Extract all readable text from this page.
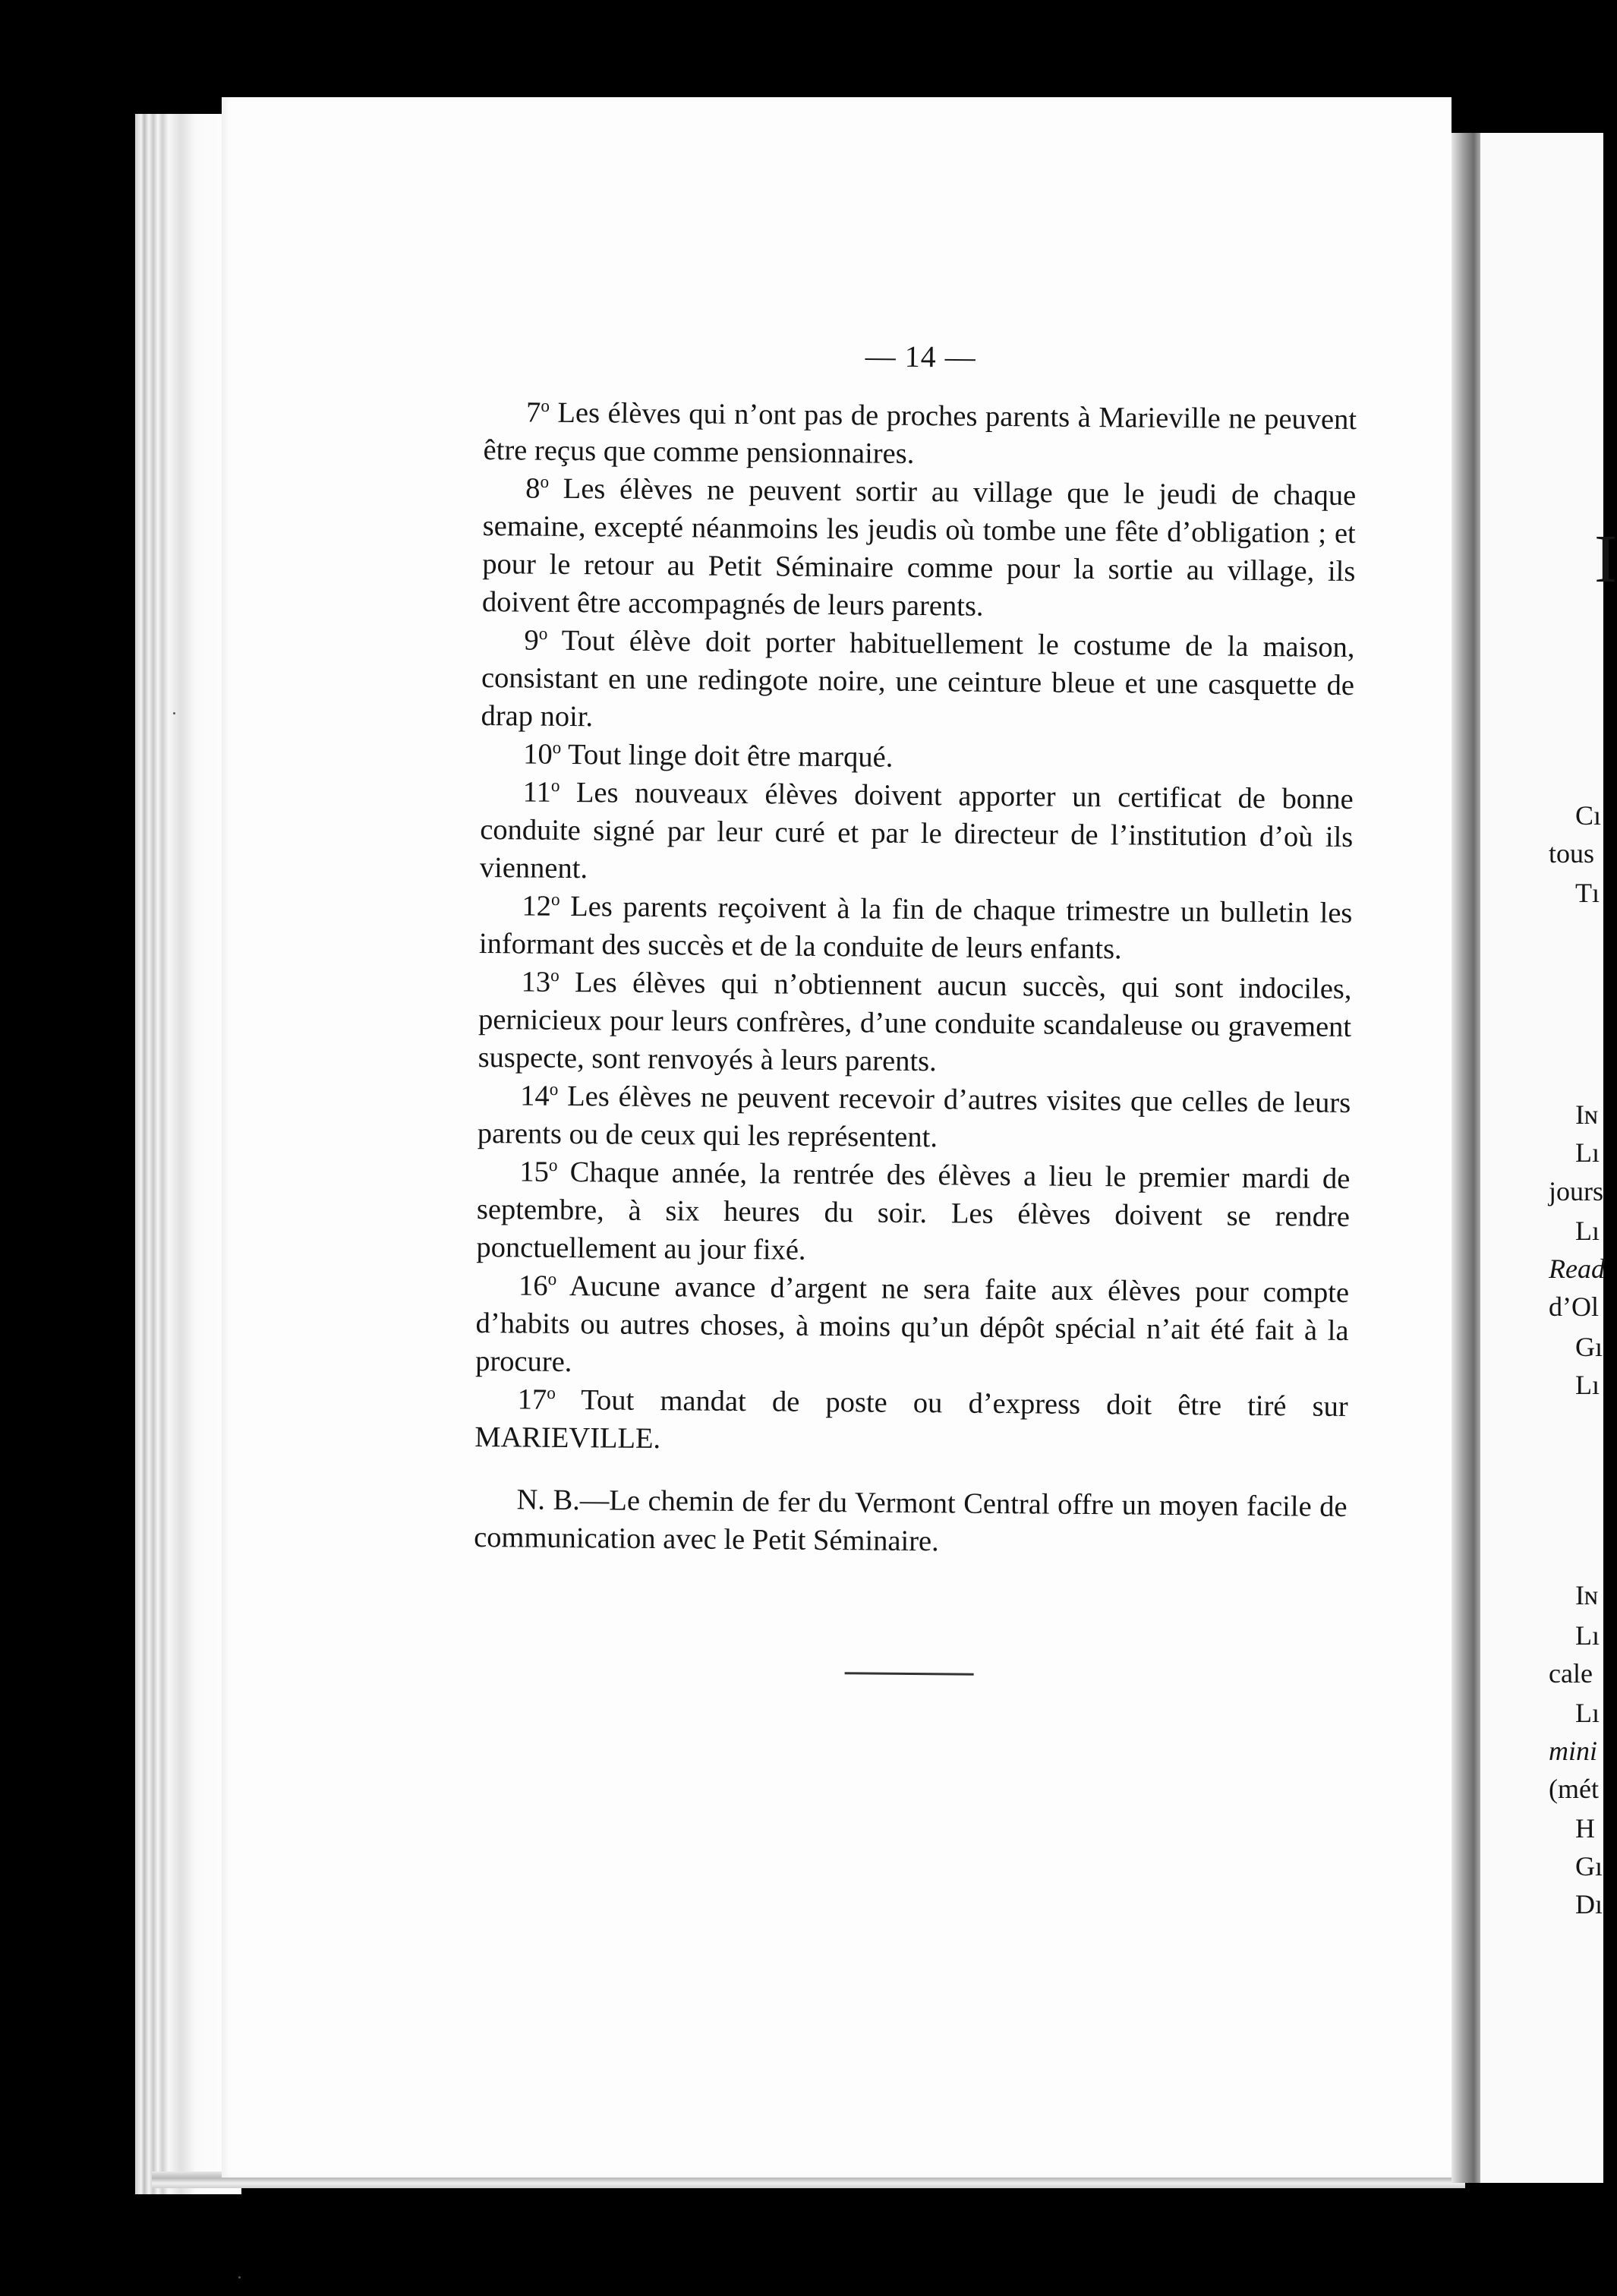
I
Cı
tous
Tı
Iɴ
Lı
jours
Lı
Read
d’Ol
Gı
Lı
Iɴ
Lı
cale
Lı
mini
(mét
H
Gı
Dı

— 14 —

7$^o$ Les élèves qui n’ont pas de proches parents à Marieville ne peuvent être reçus que comme pensionnaires.

8$^o$ Les élèves ne peuvent sortir au village que le jeudi de chaque semaine, excepté néanmoins les jeudis où tombe une fête d’obligation ; et pour le retour au Petit Séminaire comme pour la sortie au village, ils doivent être accompagnés de leurs parents.

9$^o$ Tout élève doit porter habituellement le costume de la maison, consistant en une redingote noire, une ceinture bleue et une casquette de drap noir.

10$^o$ Tout linge doit être marqué.

11$^o$ Les nouveaux élèves doivent apporter un certificat de bonne conduite signé par leur curé et par le directeur de l’institution d’où ils viennent.

12$^o$ Les parents reçoivent à la fin de chaque trimestre un bulletin les informant des succès et de la conduite de leurs enfants.

13$^o$ Les élèves qui n’obtiennent aucun succès, qui sont indociles, pernicieux pour leurs confrères, d’une conduite scandaleuse ou gravement suspecte, sont renvoyés à leurs parents.

14$^o$ Les élèves ne peuvent recevoir d’autres visites que celles de leurs parents ou de ceux qui les représentent.

15$^o$ Chaque année, la rentrée des élèves a lieu le premier mardi de septembre, à six heures du soir. Les élèves doivent se rendre ponctuellement au jour fixé.

16$^o$ Aucune avance d’argent ne sera faite aux élèves pour compte d’habits ou autres choses, à moins qu’un dépôt spécial n’ait été fait à la procure.

17$^o$ Tout mandat de poste ou d’express doit être tiré sur MARIEVILLE.

N. B.—Le chemin de fer du Vermont Central offre un moyen facile de communication avec le Petit Séminaire.
